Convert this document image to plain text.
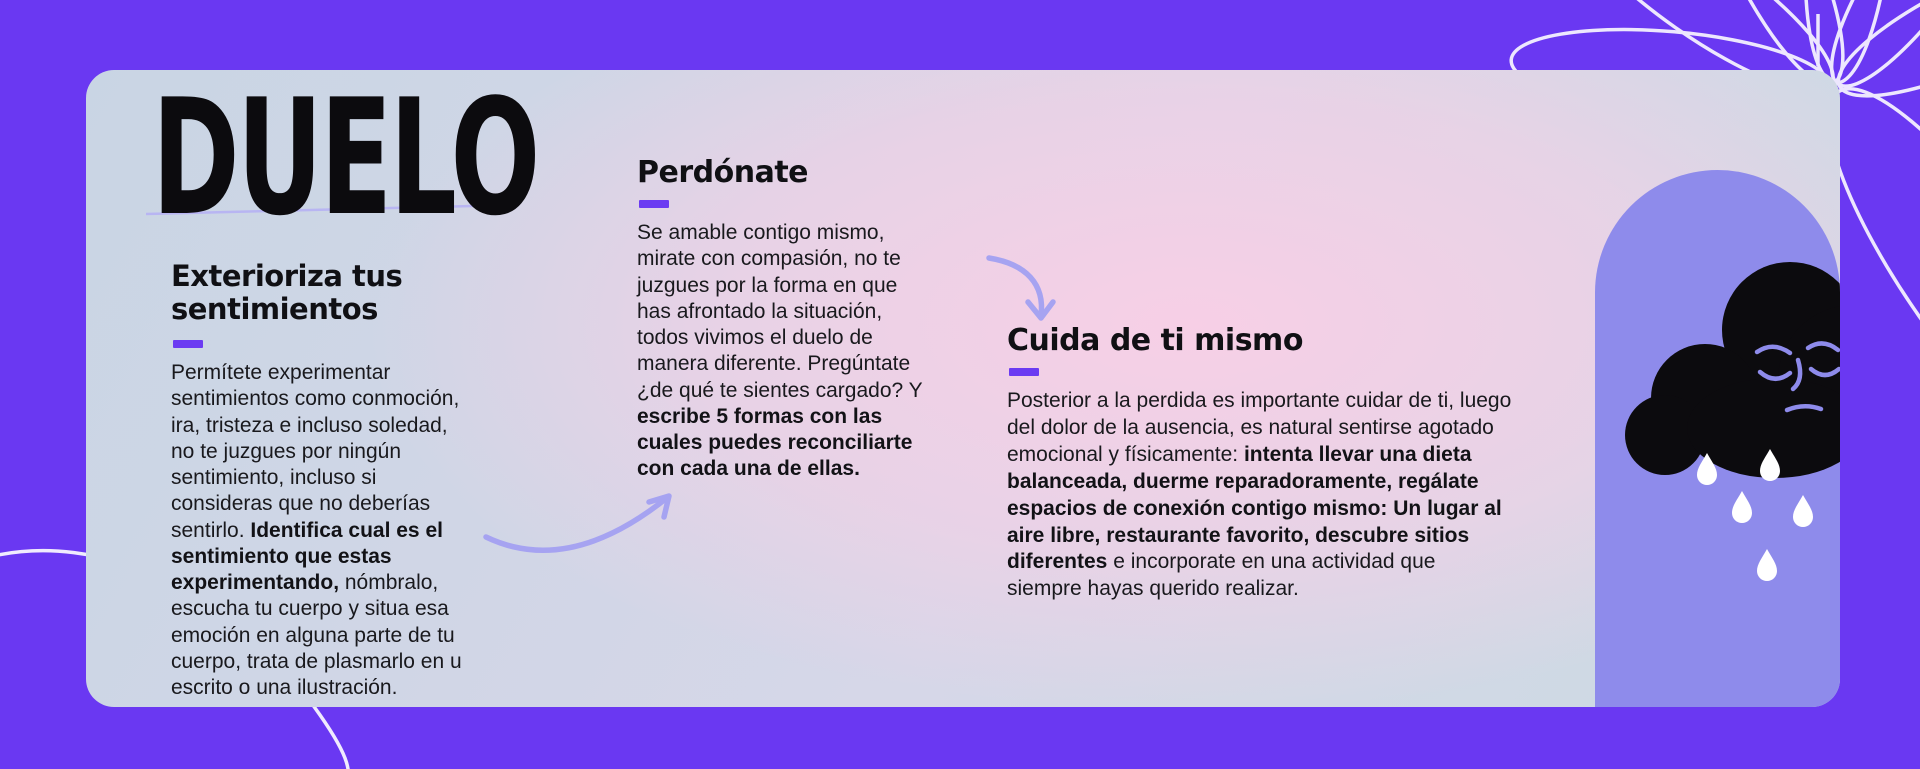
DUELO
Exterioriza tus sentimientos

Permítete experimentar sentimientos como conmoción, ira, tristeza e incluso soledad, no te juzgues por ningún sentimiento, incluso si consideras que no deberías sentirlo. Identifica cual es el sentimiento que estas experimentando, nómbralo, escucha tu cuerpo y situa esa emoción en alguna parte de tu cuerpo, trata de plasmarlo en u escrito o una ilustración.

Perdónate

Se amable contigo mismo, mirate con compasión, no te juzgues por la forma en que has afrontado la situación, todos vivimos el duelo de manera diferente. Pregúntate ¿de qué te sientes cargado? Y escribe 5 formas con las cuales puedes reconciliarte con cada una de ellas.

Cuida de ti mismo

Posterior a la perdida es importante cuidar de ti, luego del dolor de la ausencia, es natural sentirse agotado emocional y físicamente: intenta llevar una dieta balanceada, duerme reparadoramente, regálate espacios de conexión contigo mismo: Un lugar al aire libre, restaurante favorito, descubre sitios diferentes e incorporate en una actividad que siempre hayas querido realizar.
